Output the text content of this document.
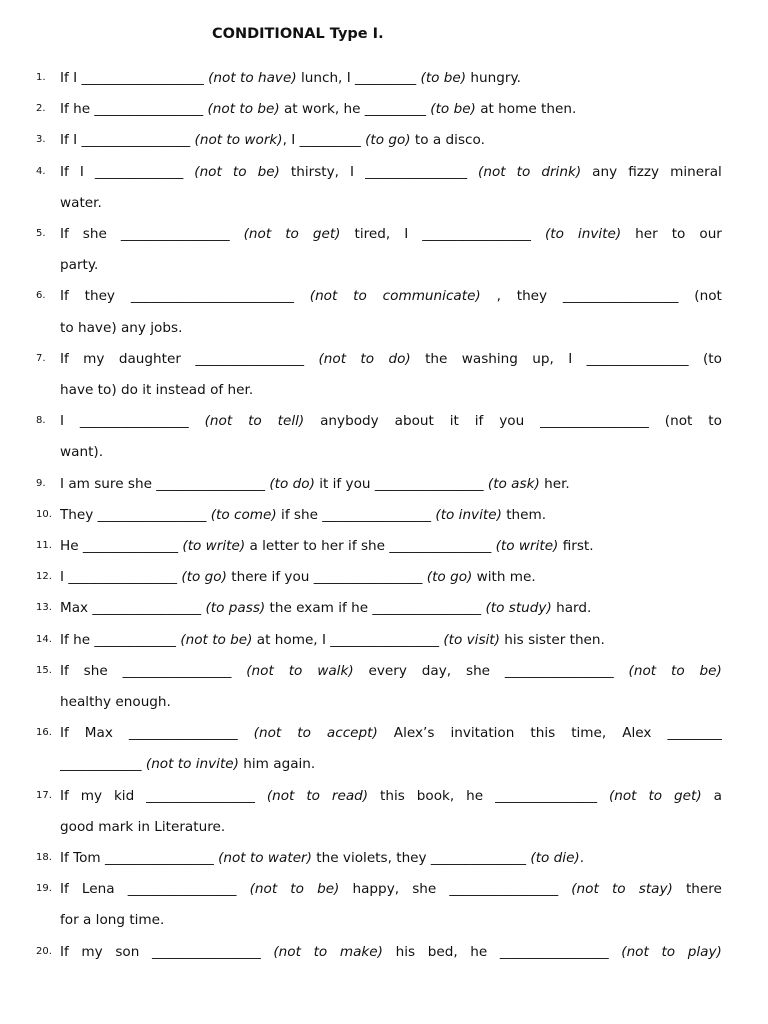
CONDITIONAL Type I.
1. If I __________________ (not to have) lunch, I _________ (to be) hungry.
2. If he ________________ (not to be) at work, he _________ (to be) at home then.
3. If I ________________ (not to work), I _________ (to go) to a disco.
4. If I _____________ (not to be) thirsty, I _______________ (not to drink) any fizzy mineral
water.
5. If she ________________ (not to get) tired, I ________________ (to invite) her to our
party.
6. If they ________________________ (not to communicate) , they _________________ (not
to have) any jobs.
7. If my daughter ________________ (not to do) the washing up, I _______________ (to
have to) do it instead of her.
8. I ________________ (not to tell) anybody about it if you ________________ (not to
want).
9. I am sure she ________________ (to do) it if you ________________ (to ask) her.
10. They ________________ (to come) if she ________________ (to invite) them.
11. He ______________ (to write) a letter to her if she _______________ (to write) first.
12. I ________________ (to go) there if you ________________ (to go) with me.
13. Max ________________ (to pass) the exam if he ________________ (to study) hard.
14. If he ____________ (not to be) at home, I ________________ (to visit) his sister then.
15. If she ________________ (not to walk) every day, she ________________ (not to be)
healthy enough.
16. If Max ________________ (not to accept) Alex’s invitation this time, Alex ________
____________ (not to invite) him again.
17. If my kid ________________ (not to read) this book, he _______________ (not to get) a
good mark in Literature.
18. If Tom ________________ (not to water) the violets, they ______________ (to die).
19. If Lena ________________ (not to be) happy, she ________________ (not to stay) there
for a long time.
20. If my son ________________ (not to make) his bed, he ________________ (not to play)
